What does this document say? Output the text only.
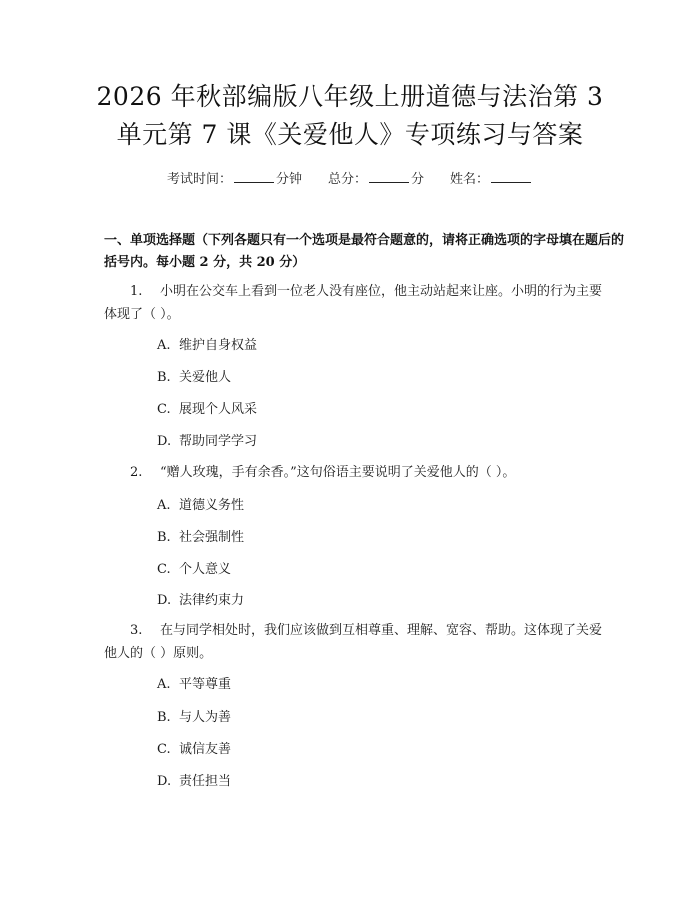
2026 年秋部编版八年级上册道德与法治第 3
单元第 7 课《关爱他人》专项练习与答案
考试时间：	分钟 总分：	分 姓名：
一、单项选择题（下列各题只有一个选项是最符合题意的，请将正确选项的字母填在题后的括号内。每小题 2 分，共 20 分）
1. 小明在公交车上看到一位老人没有座位，他主动站起来让座。小明的行为主要体现了（ ）。
A. 维护自身权益
B. 关爱他人
C. 展现个人风采
D. 帮助同学学习
2. “赠人玫瑰，手有余香。”这句俗语主要说明了关爱他人的（ ）。
A. 道德义务性
B. 社会强制性
C. 个人意义
D. 法律约束力
3. 在与同学相处时，我们应该做到互相尊重、理解、宽容、帮助。这体现了关爱他人的（ ）原则。
A. 平等尊重
B. 与人为善
C. 诚信友善
D. 责任担当
